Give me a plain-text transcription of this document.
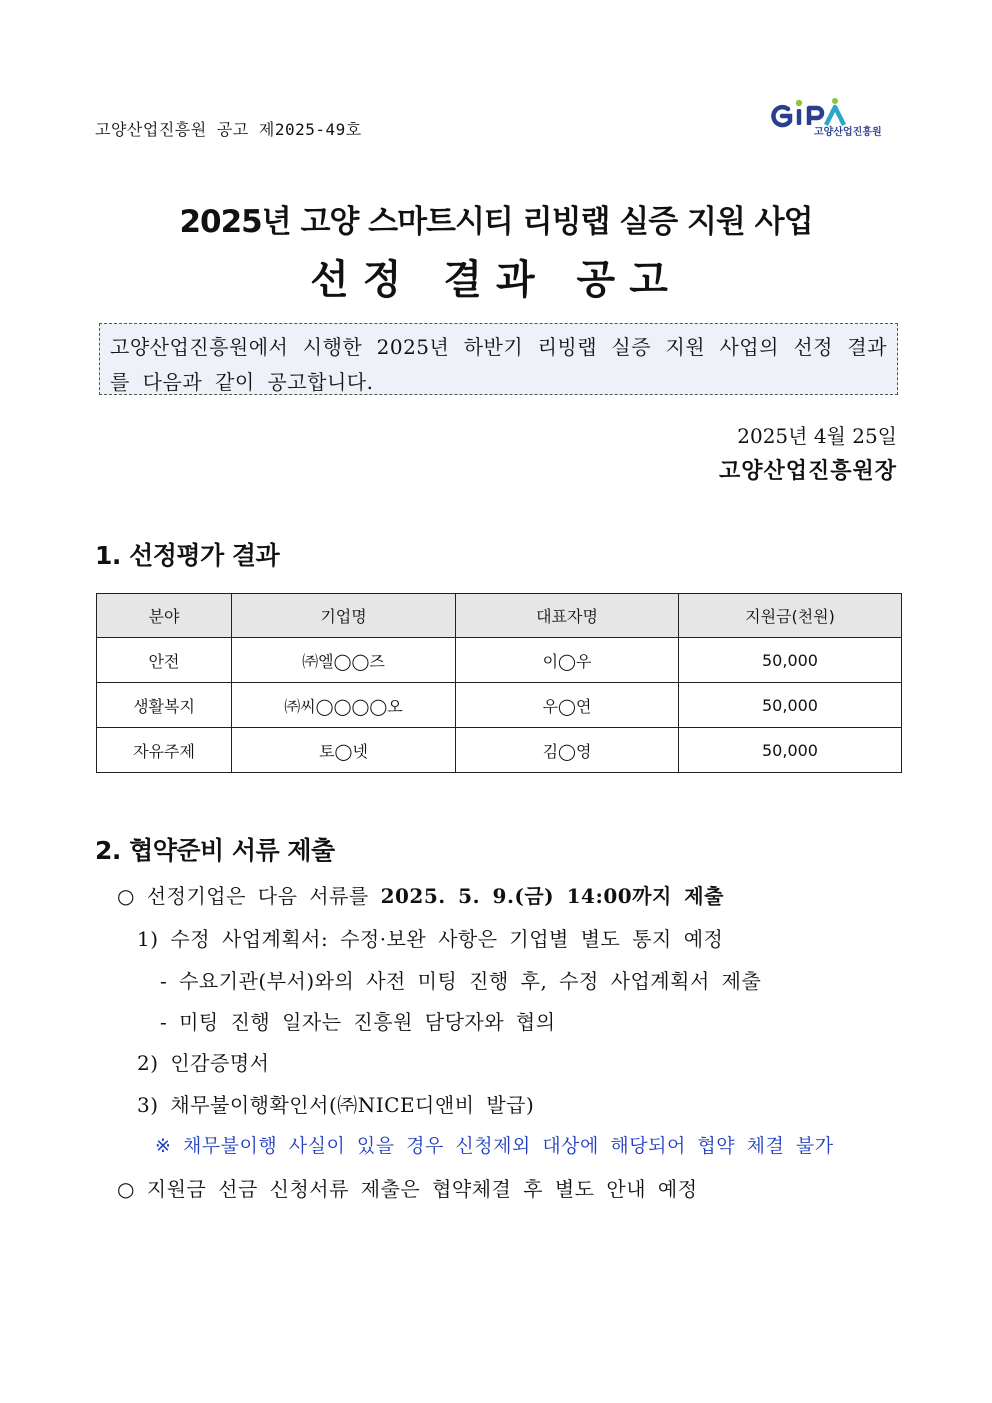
고양산업진흥원 공고 제2025-49호	고양산업진흥원
2025년 고양 스마트시티 리빙랩 실증 지원 사업
선정 결과 공고
고양산업진흥원에서 시행한 2025년 하반기 리빙랩 실증 지원 사업의 선정 결과를 다음과 같이 공고합니다.
2025년 4월 25일
고양산업진흥원장
1. 선정평가 결과
분야	기업명	대표자명	지원금(천원)
안전	㈜엘◯◯즈	이◯우	50,000
생활복지	㈜씨◯◯◯◯오	우◯연	50,000
자유주제	토◯넷	김◯영	50,000
2. 협약준비 서류 제출
○ 선정기업은 다음 서류를 2025. 5. 9.(금) 14:00까지 제출
1) 수정 사업계획서: 수정·보완 사항은 기업별 별도 통지 예정
- 수요기관(부서)와의 사전 미팅 진행 후, 수정 사업계획서 제출
- 미팅 진행 일자는 진흥원 담당자와 협의
2) 인감증명서
3) 채무불이행확인서(㈜NICE디앤비 발급)
※ 채무불이행 사실이 있을 경우 신청제외 대상에 해당되어 협약 체결 불가
○ 지원금 선금 신청서류 제출은 협약체결 후 별도 안내 예정
